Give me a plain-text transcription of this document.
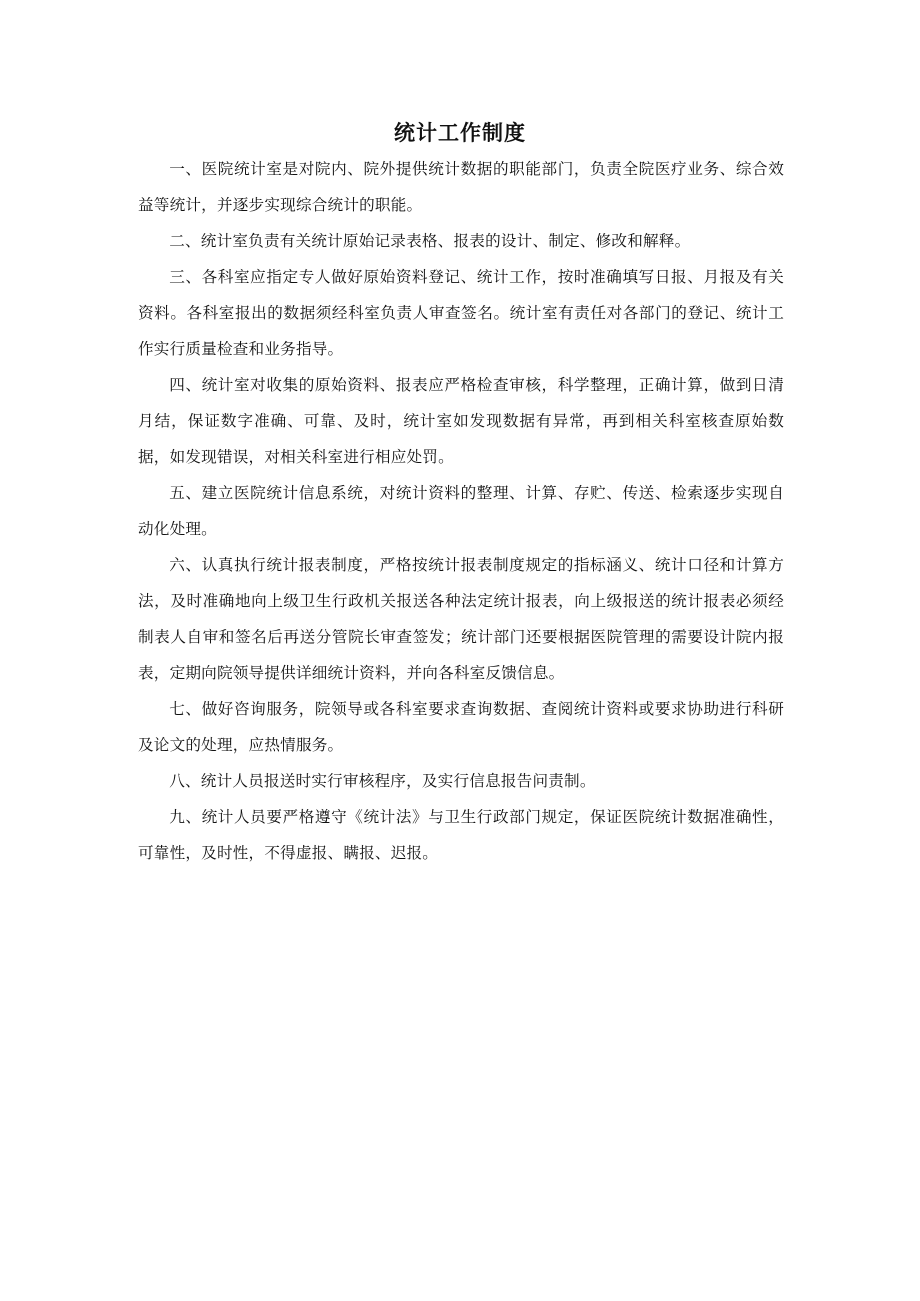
统计工作制度

一、医院统计室是对院内、院外提供统计数据的职能部门，负责全院医疗业务、综合效益等统计，并逐步实现综合统计的职能。

二、统计室负责有关统计原始记录表格、报表的设计、制定、修改和解释。

三、各科室应指定专人做好原始资料登记、统计工作，按时准确填写日报、月报及有关资料。各科室报出的数据须经科室负责人审查签名。统计室有责任对各部门的登记、统计工作实行质量检查和业务指导。

四、统计室对收集的原始资料、报表应严格检查审核，科学整理，正确计算，做到日清月结，保证数字准确、可靠、及时，统计室如发现数据有异常，再到相关科室核查原始数据，如发现错误，对相关科室进行相应处罚。

五、建立医院统计信息系统，对统计资料的整理、计算、存贮、传送、检索逐步实现自动化处理。

六、认真执行统计报表制度，严格按统计报表制度规定的指标涵义、统计口径和计算方法，及时准确地向上级卫生行政机关报送各种法定统计报表，向上级报送的统计报表必须经制表人自审和签名后再送分管院长审查签发；统计部门还要根据医院管理的需要设计院内报表，定期向院领导提供详细统计资料，并向各科室反馈信息。

七、做好咨询服务，院领导或各科室要求查询数据、查阅统计资料或要求协助进行科研及论文的处理，应热情服务。

八、统计人员报送时实行审核程序，及实行信息报告问责制。

九、统计人员要严格遵守《统计法》与卫生行政部门规定，保证医院统计数据准确性，可靠性，及时性，不得虚报、瞒报、迟报。
